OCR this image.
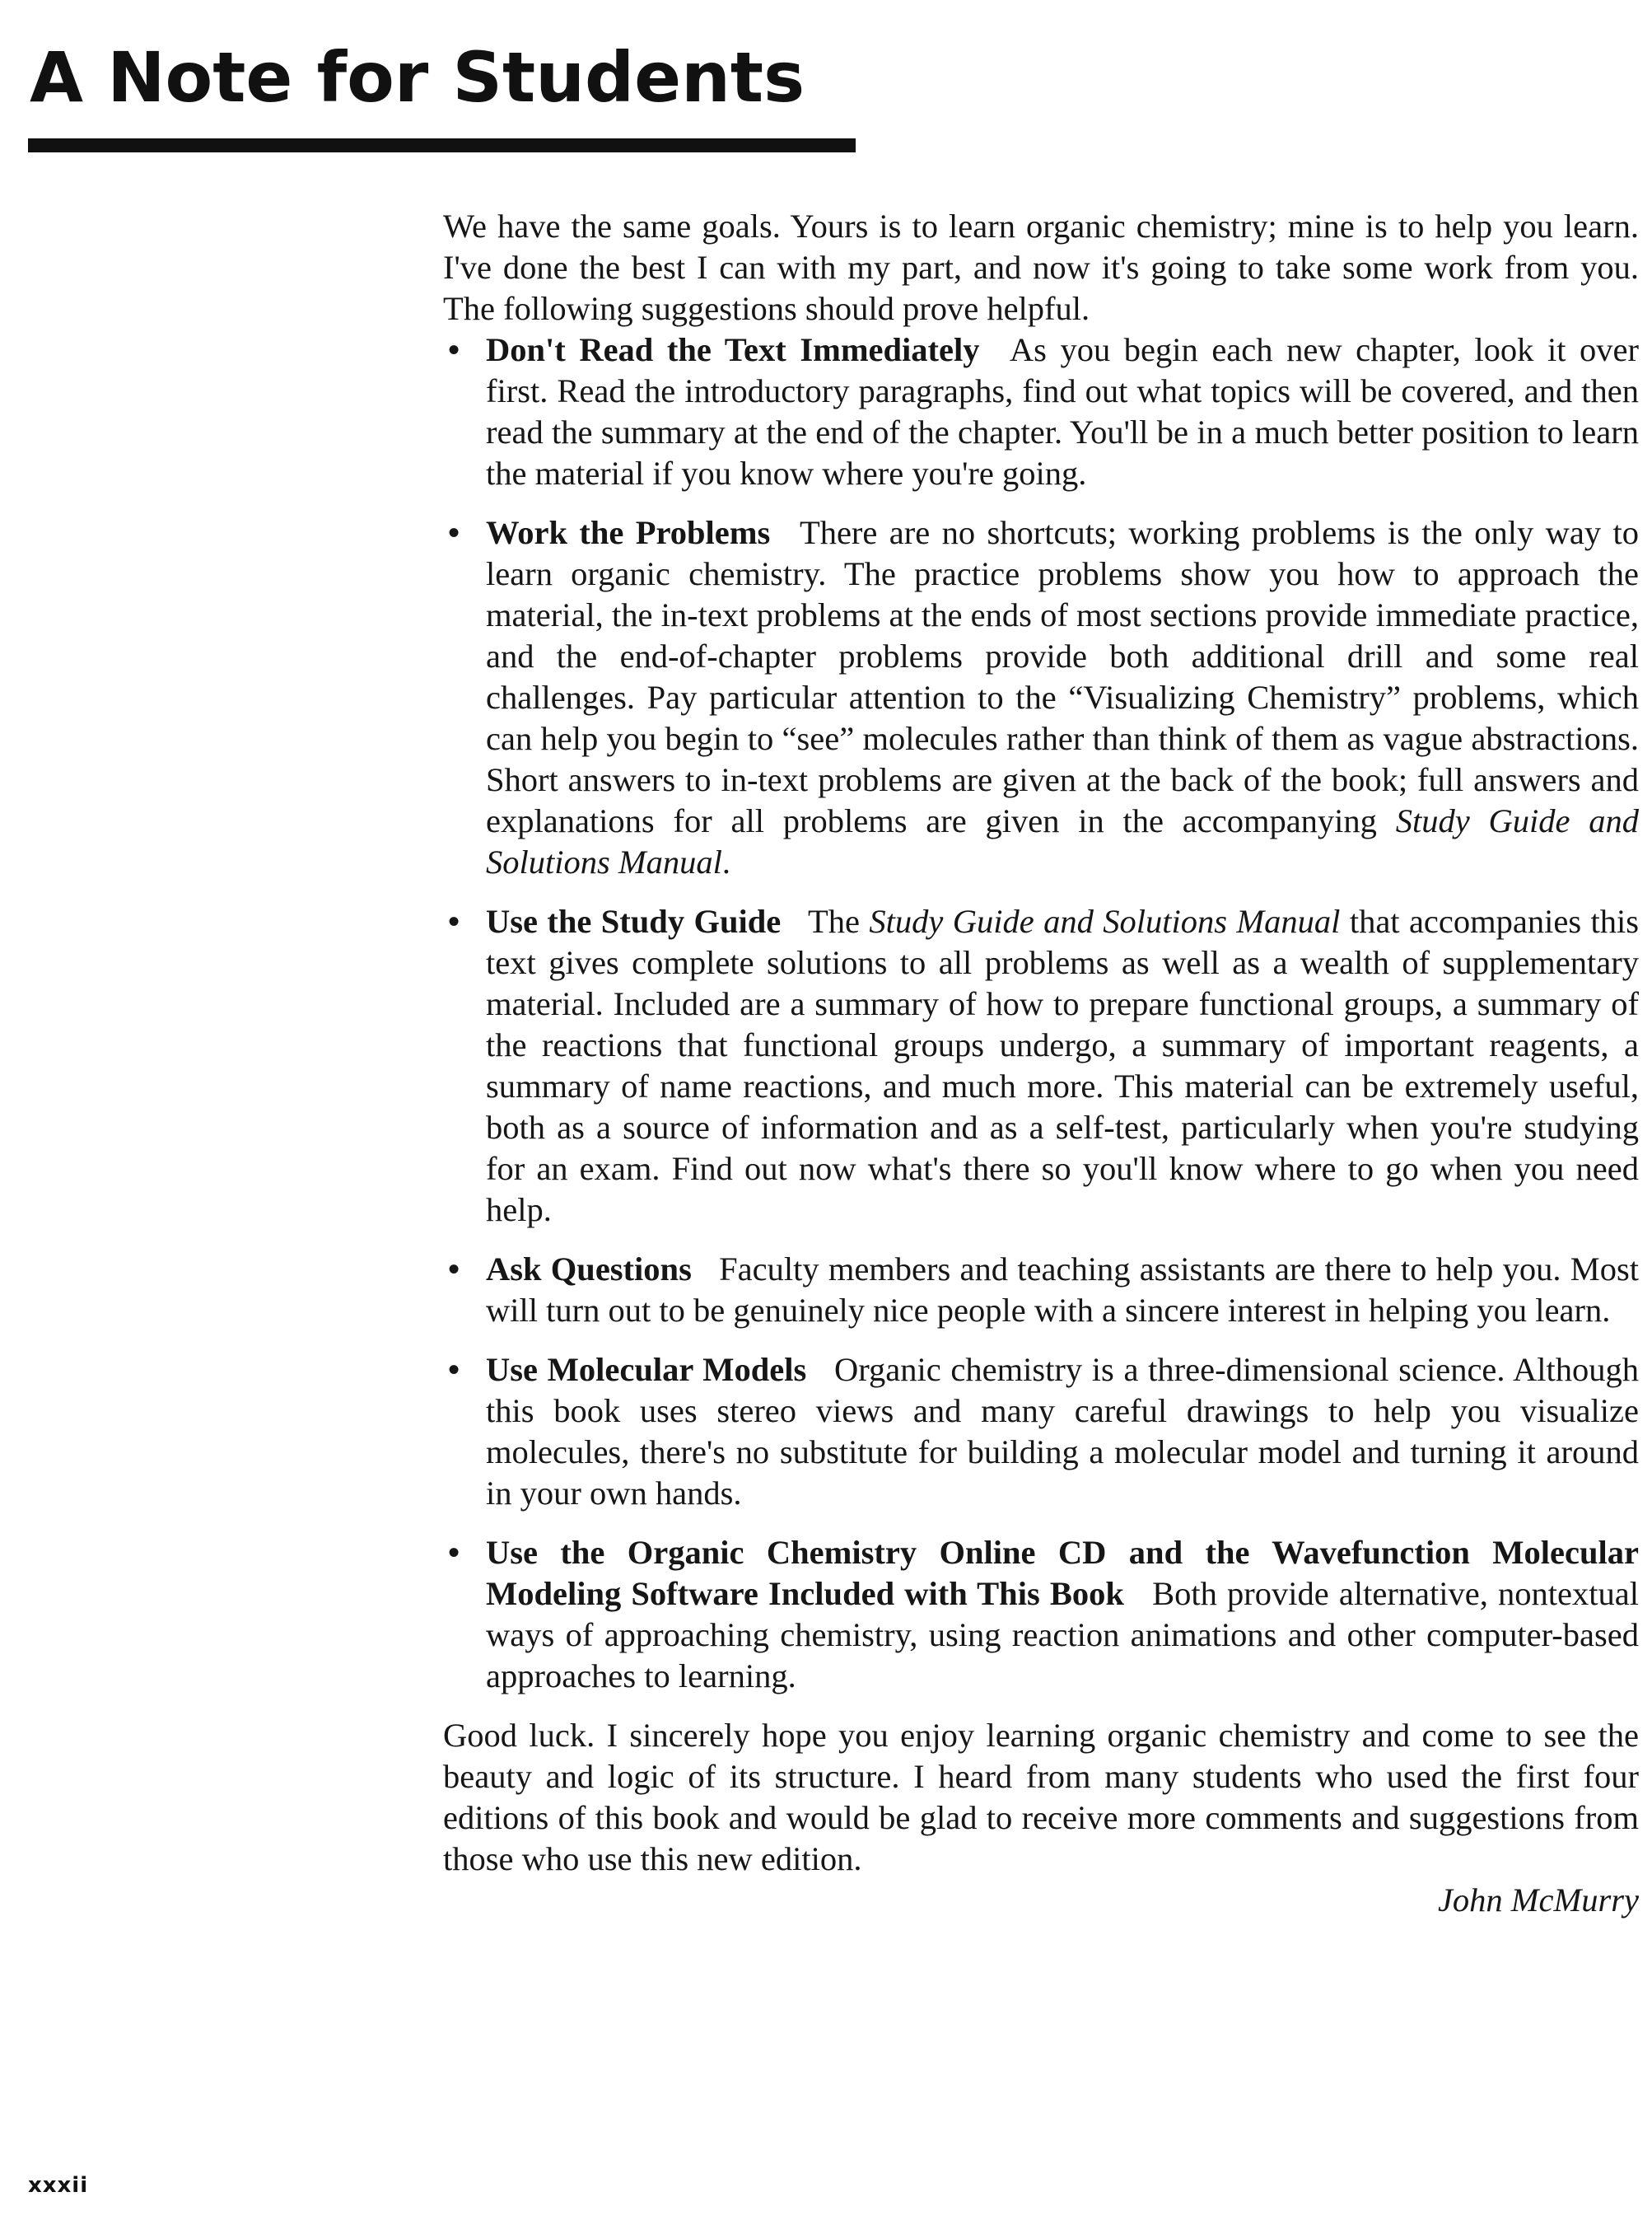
A Note for Students

We have the same goals. Yours is to learn organic chemistry; mine is to help you learn. I've done the best I can with my part, and now it's going to take some work from you. The following suggestions should prove helpful.

• Don't Read the Text Immediately As you begin each new chapter, look it over first. Read the introductory paragraphs, find out what topics will be covered, and then read the summary at the end of the chapter. You'll be in a much better position to learn the material if you know where you're going.
• Work the Problems There are no shortcuts; working problems is the only way to learn organic chemistry. The practice problems show you how to approach the material, the in-text problems at the ends of most sections provide immediate practice, and the end-of-chapter problems provide both additional drill and some real challenges. Pay particular attention to the “Visualizing Chemistry” problems, which can help you begin to “see” molecules rather than think of them as vague abstractions. Short answers to in-text problems are given at the back of the book; full answers and explanations for all problems are given in the accompanying Study Guide and Solutions Manual.
• Use the Study Guide The Study Guide and Solutions Manual that accompanies this text gives complete solutions to all problems as well as a wealth of supplementary material. Included are a summary of how to prepare functional groups, a summary of the reactions that functional groups undergo, a summary of important reagents, a summary of name reactions, and much more. This material can be extremely useful, both as a source of information and as a self-test, particularly when you're studying for an exam. Find out now what's there so you'll know where to go when you need help.
• Ask Questions Faculty members and teaching assistants are there to help you. Most will turn out to be genuinely nice people with a sincere interest in helping you learn.
• Use Molecular Models Organic chemistry is a three-dimensional science. Although this book uses stereo views and many careful drawings to help you visualize molecules, there's no substitute for building a molecular model and turning it around in your own hands.
• Use the Organic Chemistry Online CD and the Wavefunction Molecular Modeling Software Included with This Book Both provide alternative, nontextual ways of approaching chemistry, using reaction animations and other computer-based approaches to learning.

Good luck. I sincerely hope you enjoy learning organic chemistry and come to see the beauty and logic of its structure. I heard from many students who used the first four editions of this book and would be glad to receive more comments and suggestions from those who use this new edition.

John McMurry

xxxii
